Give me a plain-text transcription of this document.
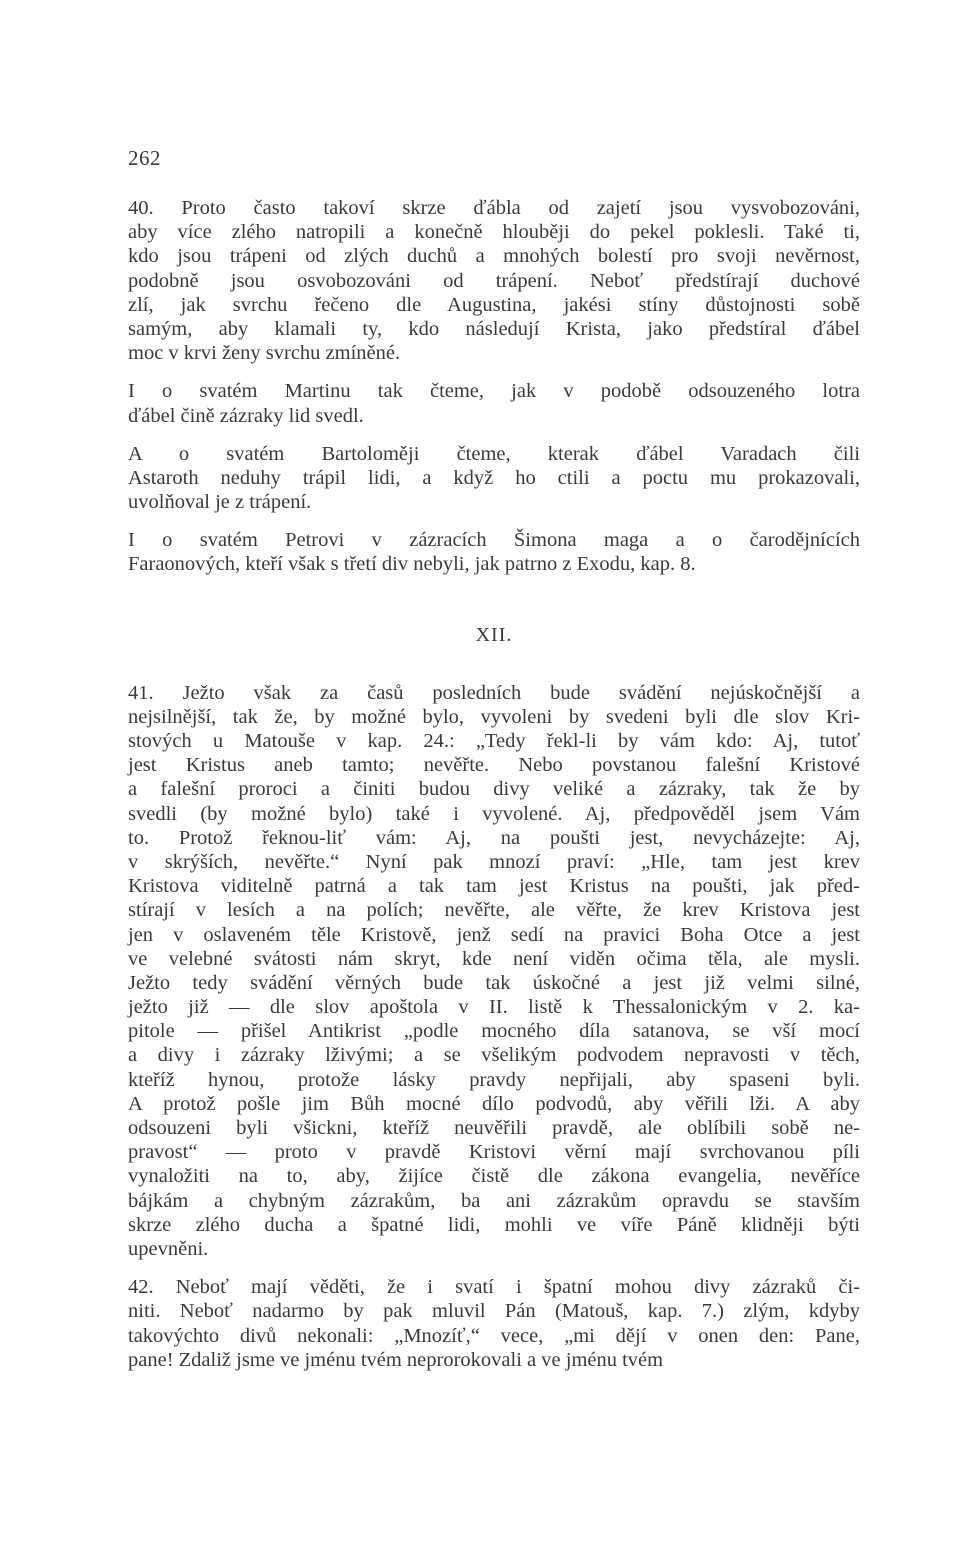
262
40. Proto často takoví skrze ďábla od zajetí jsou vysvobozováni,
aby více zlého natropili a konečně hlouběji do pekel poklesli. Také ti,
kdo jsou trápeni od zlých duchů a mnohých bolestí pro svoji nevěrnost,
podobně jsou osvobozováni od trápení. Neboť předstírají duchové
zlí, jak svrchu řečeno dle Augustina, jakési stíny důstojnosti sobě
samým, aby klamali ty, kdo následují Krista, jako předstíral ďábel
moc v krvi ženy svrchu zmíněné.
I o svatém Martinu tak čteme, jak v podobě odsouzeného lotra
ďábel čině zázraky lid svedl.
A o svatém Bartoloměji čteme, kterak ďábel Varadach čili
Astaroth neduhy trápil lidi, a když ho ctili a poctu mu prokazovali,
uvolňoval je z trápení.
I o svatém Petrovi v zázracích Šimona maga a o čarodějnících
Faraonových, kteří však s třetí div nebyli, jak patrno z Exodu, kap. 8.
XII.
41. Ježto však za časů posledních bude svádění nejúskočnější a
nejsilnější, tak že, by možné bylo, vyvoleni by svedeni byli dle slov Kri-
stových u Matouše v kap. 24.: „Tedy řekl-li by vám kdo: Aj, tutoť
jest Kristus aneb tamto; nevěřte. Nebo povstanou falešní Kristové
a falešní proroci a činiti budou divy veliké a zázraky, tak že by
svedli (by možné bylo) také i vyvolené. Aj, předpověděl jsem Vám
to. Protož řeknou-liť vám: Aj, na poušti jest, nevycházejte: Aj,
v skrýších, nevěřte.“ Nyní pak mnozí praví: „Hle, tam jest krev
Kristova viditelně patrná a tak tam jest Kristus na poušti, jak před-
stírají v lesích a na polích; nevěřte, ale věřte, že krev Kristova jest
jen v oslaveném těle Kristově, jenž sedí na pravici Boha Otce a jest
ve velebné svátosti nám skryt, kde není viděn očima těla, ale mysli.
Ježto tedy svádění věrných bude tak úskočné a jest již velmi silné,
ježto již — dle slov apoštola v II. listě k Thessalonickým v 2. ka-
pitole — přišel Antikrist „podle mocného díla satanova, se vší mocí
a divy i zázraky lživými; a se všelikým podvodem nepravosti v těch,
kteříž hynou, protože lásky pravdy nepřijali, aby spaseni byli.
A protož pošle jim Bůh mocné dílo podvodů, aby věřili lži. A aby
odsouzeni byli všickni, kteříž neuvěřili pravdě, ale oblíbili sobě ne-
pravost“ — proto v pravdě Kristovi věrní mají svrchovanou píli
vynaložiti na to, aby, žijíce čistě dle zákona evangelia, nevěříce
bájkám a chybným zázrakům, ba ani zázrakům opravdu se stavším
skrze zlého ducha a špatné lidi, mohli ve víře Páně klidněji býti
upevněni.
42. Neboť mají věděti, že i svatí i špatní mohou divy zázraků či-
niti. Neboť nadarmo by pak mluvil Pán (Matouš, kap. 7.) zlým, kdyby
takovýchto divů nekonali: „Mnozíť,“ vece, „mi dějí v onen den: Pane,
pane! Zdaliž jsme ve jménu tvém neprorokovali a ve jménu tvém
